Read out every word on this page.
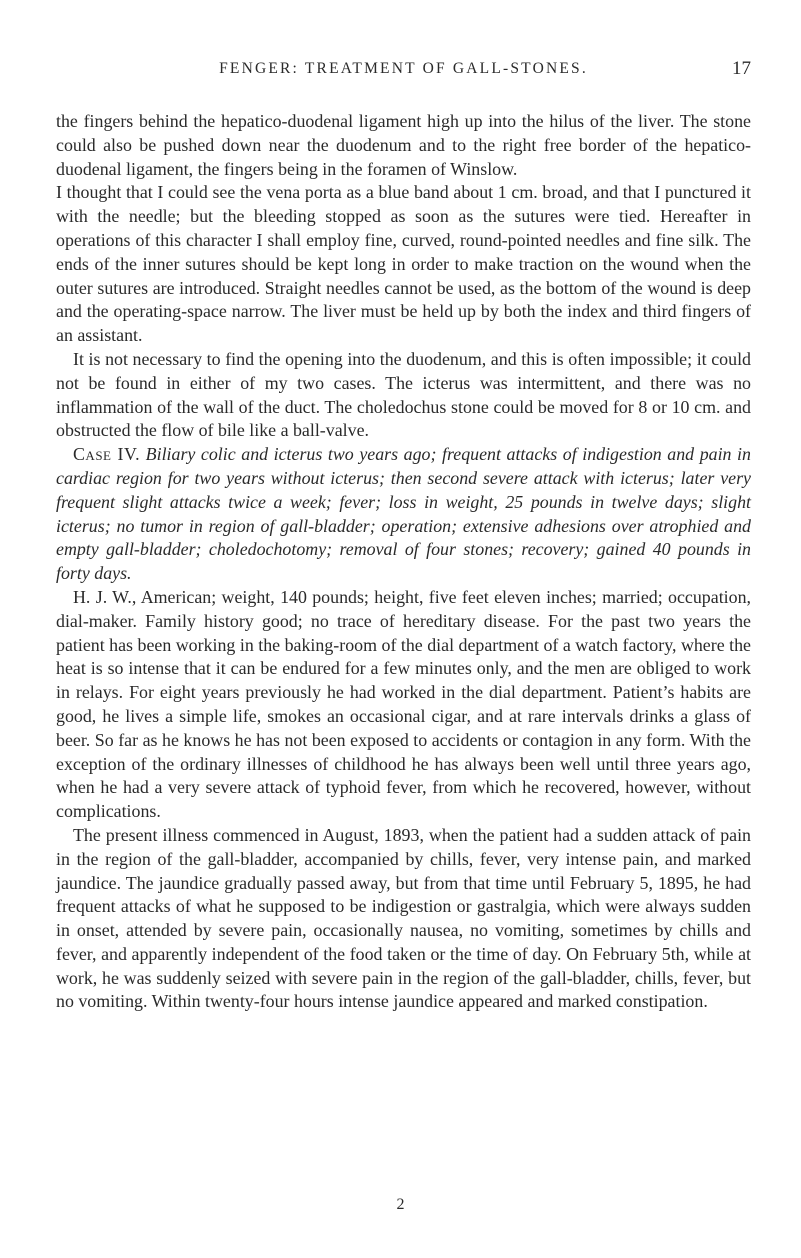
FENGER: TREATMENT OF GALL-STONES.	17

the fingers behind the hepatico-duodenal ligament high up into the hilus of the liver. The stone could also be pushed down near the duodenum and to the right free border of the hepatico-duodenal ligament, the fingers being in the foramen of Winslow.

I thought that I could see the vena porta as a blue band about 1 cm. broad, and that I punctured it with the needle; but the bleeding stopped as soon as the sutures were tied. Hereafter in operations of this character I shall employ fine, curved, round-pointed needles and fine silk. The ends of the inner sutures should be kept long in order to make traction on the wound when the outer sutures are introduced. Straight needles cannot be used, as the bottom of the wound is deep and the operating-space narrow. The liver must be held up by both the index and third fingers of an assistant.

It is not necessary to find the opening into the duodenum, and this is often impossible; it could not be found in either of my two cases. The icterus was intermittent, and there was no inflammation of the wall of the duct. The choledochus stone could be moved for 8 or 10 cm. and obstructed the flow of bile like a ball-valve.

Case IV. Biliary colic and icterus two years ago; frequent attacks of indigestion and pain in cardiac region for two years without icterus; then second severe attack with icterus; later very frequent slight attacks twice a week; fever; loss in weight, 25 pounds in twelve days; slight icterus; no tumor in region of gall-bladder; operation; extensive adhesions over atrophied and empty gall-bladder; choledochotomy; removal of four stones; recovery; gained 40 pounds in forty days.

H. J. W., American; weight, 140 pounds; height, five feet eleven inches; married; occupation, dial-maker. Family history good; no trace of hereditary disease. For the past two years the patient has been working in the baking-room of the dial department of a watch factory, where the heat is so intense that it can be endured for a few minutes only, and the men are obliged to work in relays. For eight years previously he had worked in the dial department. Patient’s habits are good, he lives a simple life, smokes an occasional cigar, and at rare intervals drinks a glass of beer. So far as he knows he has not been exposed to accidents or contagion in any form. With the exception of the ordinary illnesses of childhood he has always been well until three years ago, when he had a very severe attack of typhoid fever, from which he recovered, however, without complications.

The present illness commenced in August, 1893, when the patient had a sudden attack of pain in the region of the gall-bladder, accompanied by chills, fever, very intense pain, and marked jaundice. The jaundice gradually passed away, but from that time until February 5, 1895, he had frequent attacks of what he supposed to be indigestion or gastralgia, which were always sudden in onset, attended by severe pain, occasionally nausea, no vomiting, sometimes by chills and fever, and apparently independent of the food taken or the time of day. On February 5th, while at work, he was suddenly seized with severe pain in the region of the gall-bladder, chills, fever, but no vomiting. Within twenty-four hours intense jaundice appeared and marked constipation.

2
